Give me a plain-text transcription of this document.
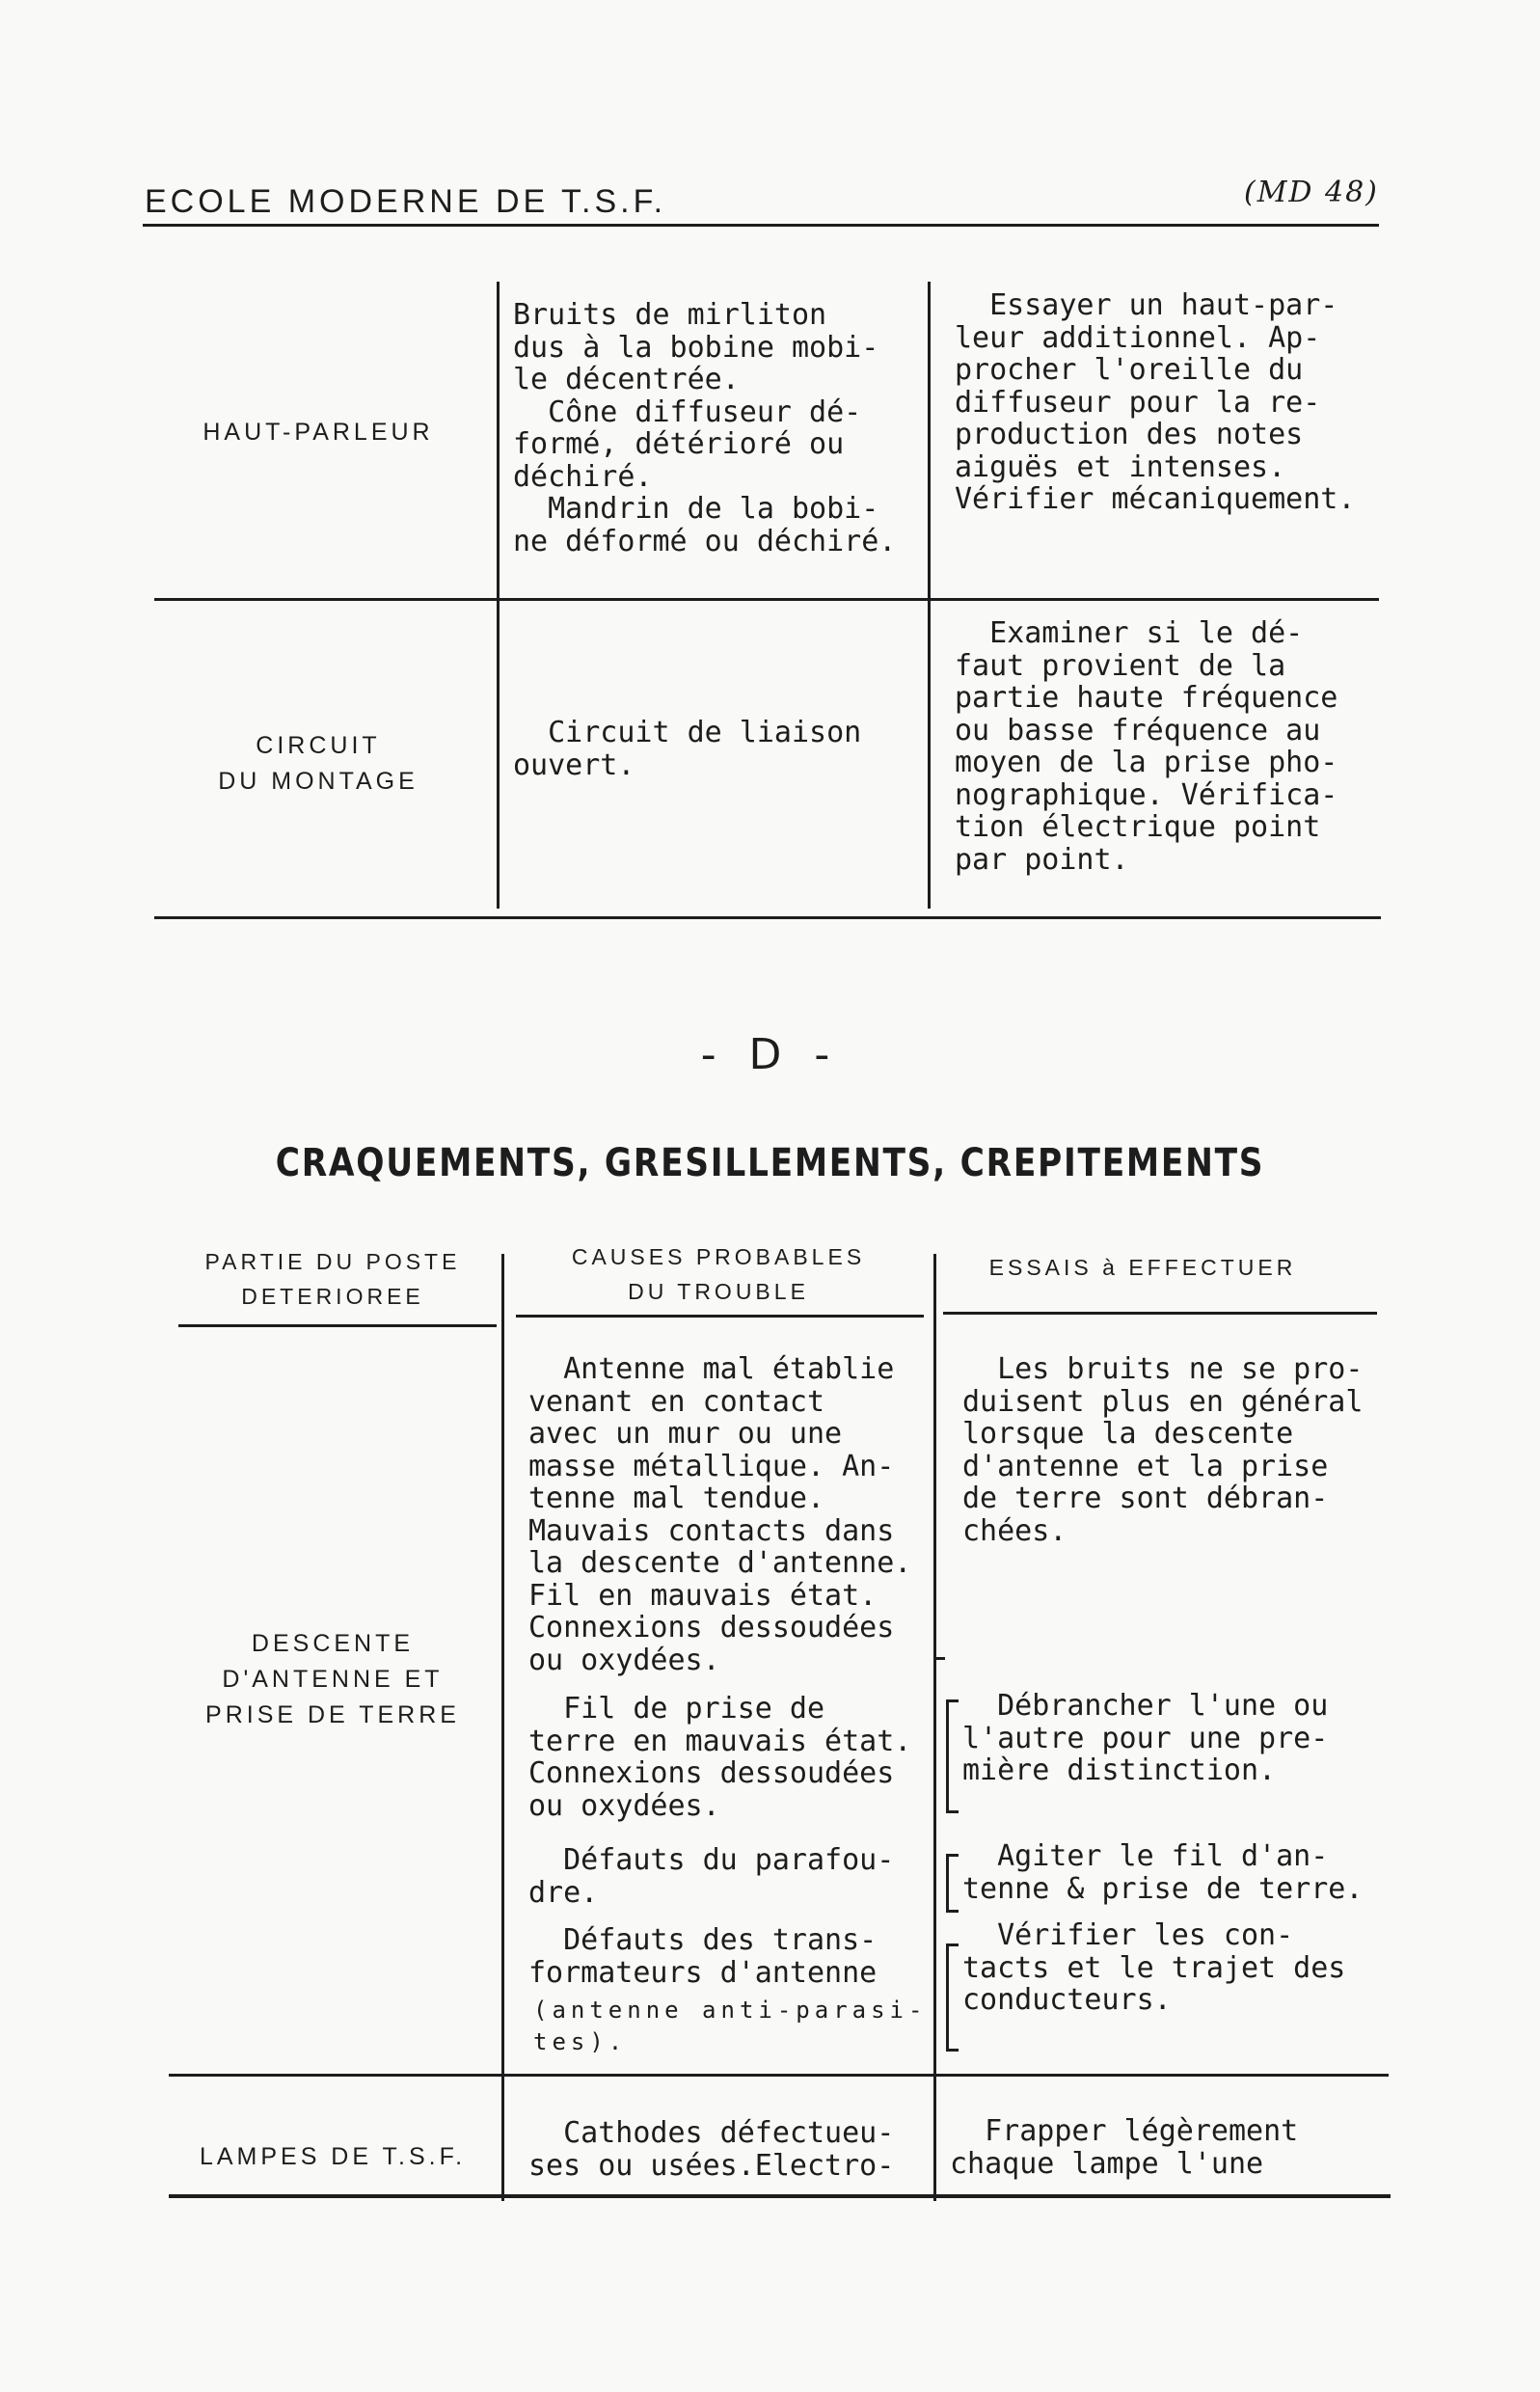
ECOLE MODERNE DE T.S.F.	(MD 48)
HAUT-PARLEUR
Bruits de mirliton
dus à la bobine mobi-
le décentrée.
Cône diffuseur dé-
formé, détérioré ou
déchiré.
Mandrin de la bobi-
ne déformé ou déchiré.
Essayer un haut-par-
leur additionnel. Ap-
procher l'oreille du
diffuseur pour la re-
production des notes
aiguës et intenses.
Vérifier mécaniquement.
CIRCUIT
DU MONTAGE
Circuit de liaison
ouvert.
Examiner si le dé-
faut provient de la
partie haute fréquence
ou basse fréquence au
moyen de la prise pho-
nographique. Vérifica-
tion électrique point
par point.
- D -
CRAQUEMENTS, GRESILLEMENTS, CREPITEMENTS
PARTIE DU POSTE
DETERIOREE
CAUSES PROBABLES
DU TROUBLE
ESSAIS à EFFECTUER
DESCENTE
D'ANTENNE ET
PRISE DE TERRE
Antenne mal établie
venant en contact
avec un mur ou une
masse métallique. An-
tenne mal tendue.
Mauvais contacts dans
la descente d'antenne.
Fil en mauvais état.
Connexions dessoudées
ou oxydées.
Les bruits ne se pro-
duisent plus en général
lorsque la descente
d'antenne et la prise
de terre sont débran-
chées.
Fil de prise de
terre en mauvais état.
Connexions dessoudées
ou oxydées.
Débrancher l'une ou
l'autre pour une pre-
mière distinction.
Défauts du parafou-
dre.
Agiter le fil d'an-
tenne & prise de terre.
Défauts des trans-
formateurs d'antenne
(antenne anti-parasi-
tes).
Vérifier les con-
tacts et le trajet des
conducteurs.
LAMPES DE T.S.F.
Cathodes défectueu-
ses ou usées.Electro-
Frapper légèrement
chaque lampe l'une
